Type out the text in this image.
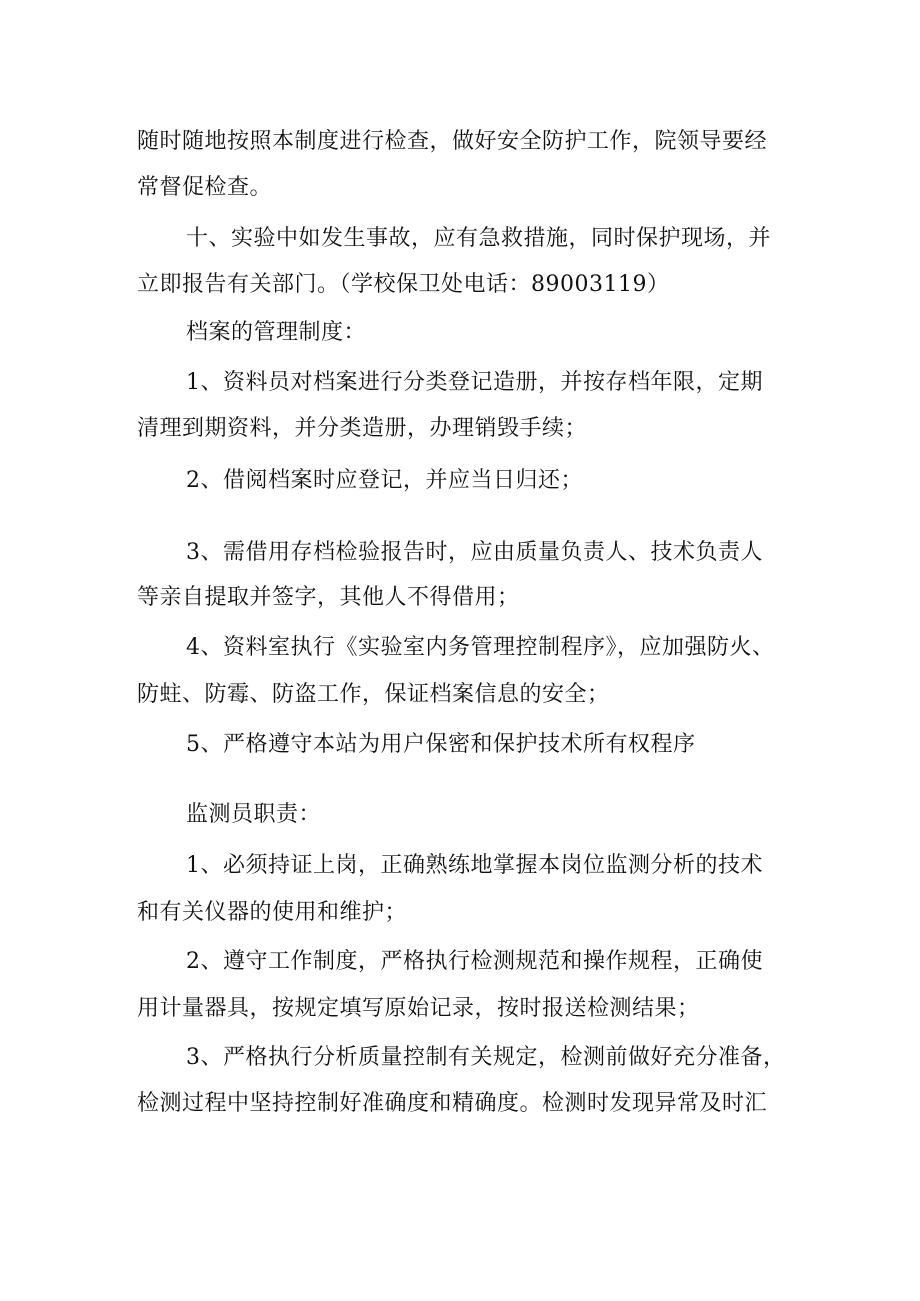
随时随地按照本制度进行检查，做好安全防护工作，院领导要经
常督促检查。
十、实验中如发生事故，应有急救措施，同时保护现场，并
立即报告有关部门。（学校保卫处电话：89003119）
档案的管理制度：
1、资料员对档案进行分类登记造册，并按存档年限，定期
清理到期资料，并分类造册，办理销毁手续；
2、借阅档案时应登记，并应当日归还；
3、需借用存档检验报告时，应由质量负责人、技术负责人
等亲自提取并签字，其他人不得借用；
4、资料室执行《实验室内务管理控制程序》，应加强防火、
防蛀、防霉、防盗工作，保证档案信息的安全；
5、严格遵守本站为用户保密和保护技术所有权程序
监测员职责：
1、必须持证上岗，正确熟练地掌握本岗位监测分析的技术
和有关仪器的使用和维护；
2、遵守工作制度，严格执行检测规范和操作规程，正确使
用计量器具，按规定填写原始记录，按时报送检测结果；
3、严格执行分析质量控制有关规定，检测前做好充分准备，
检测过程中坚持控制好准确度和精确度。检测时发现异常及时汇
